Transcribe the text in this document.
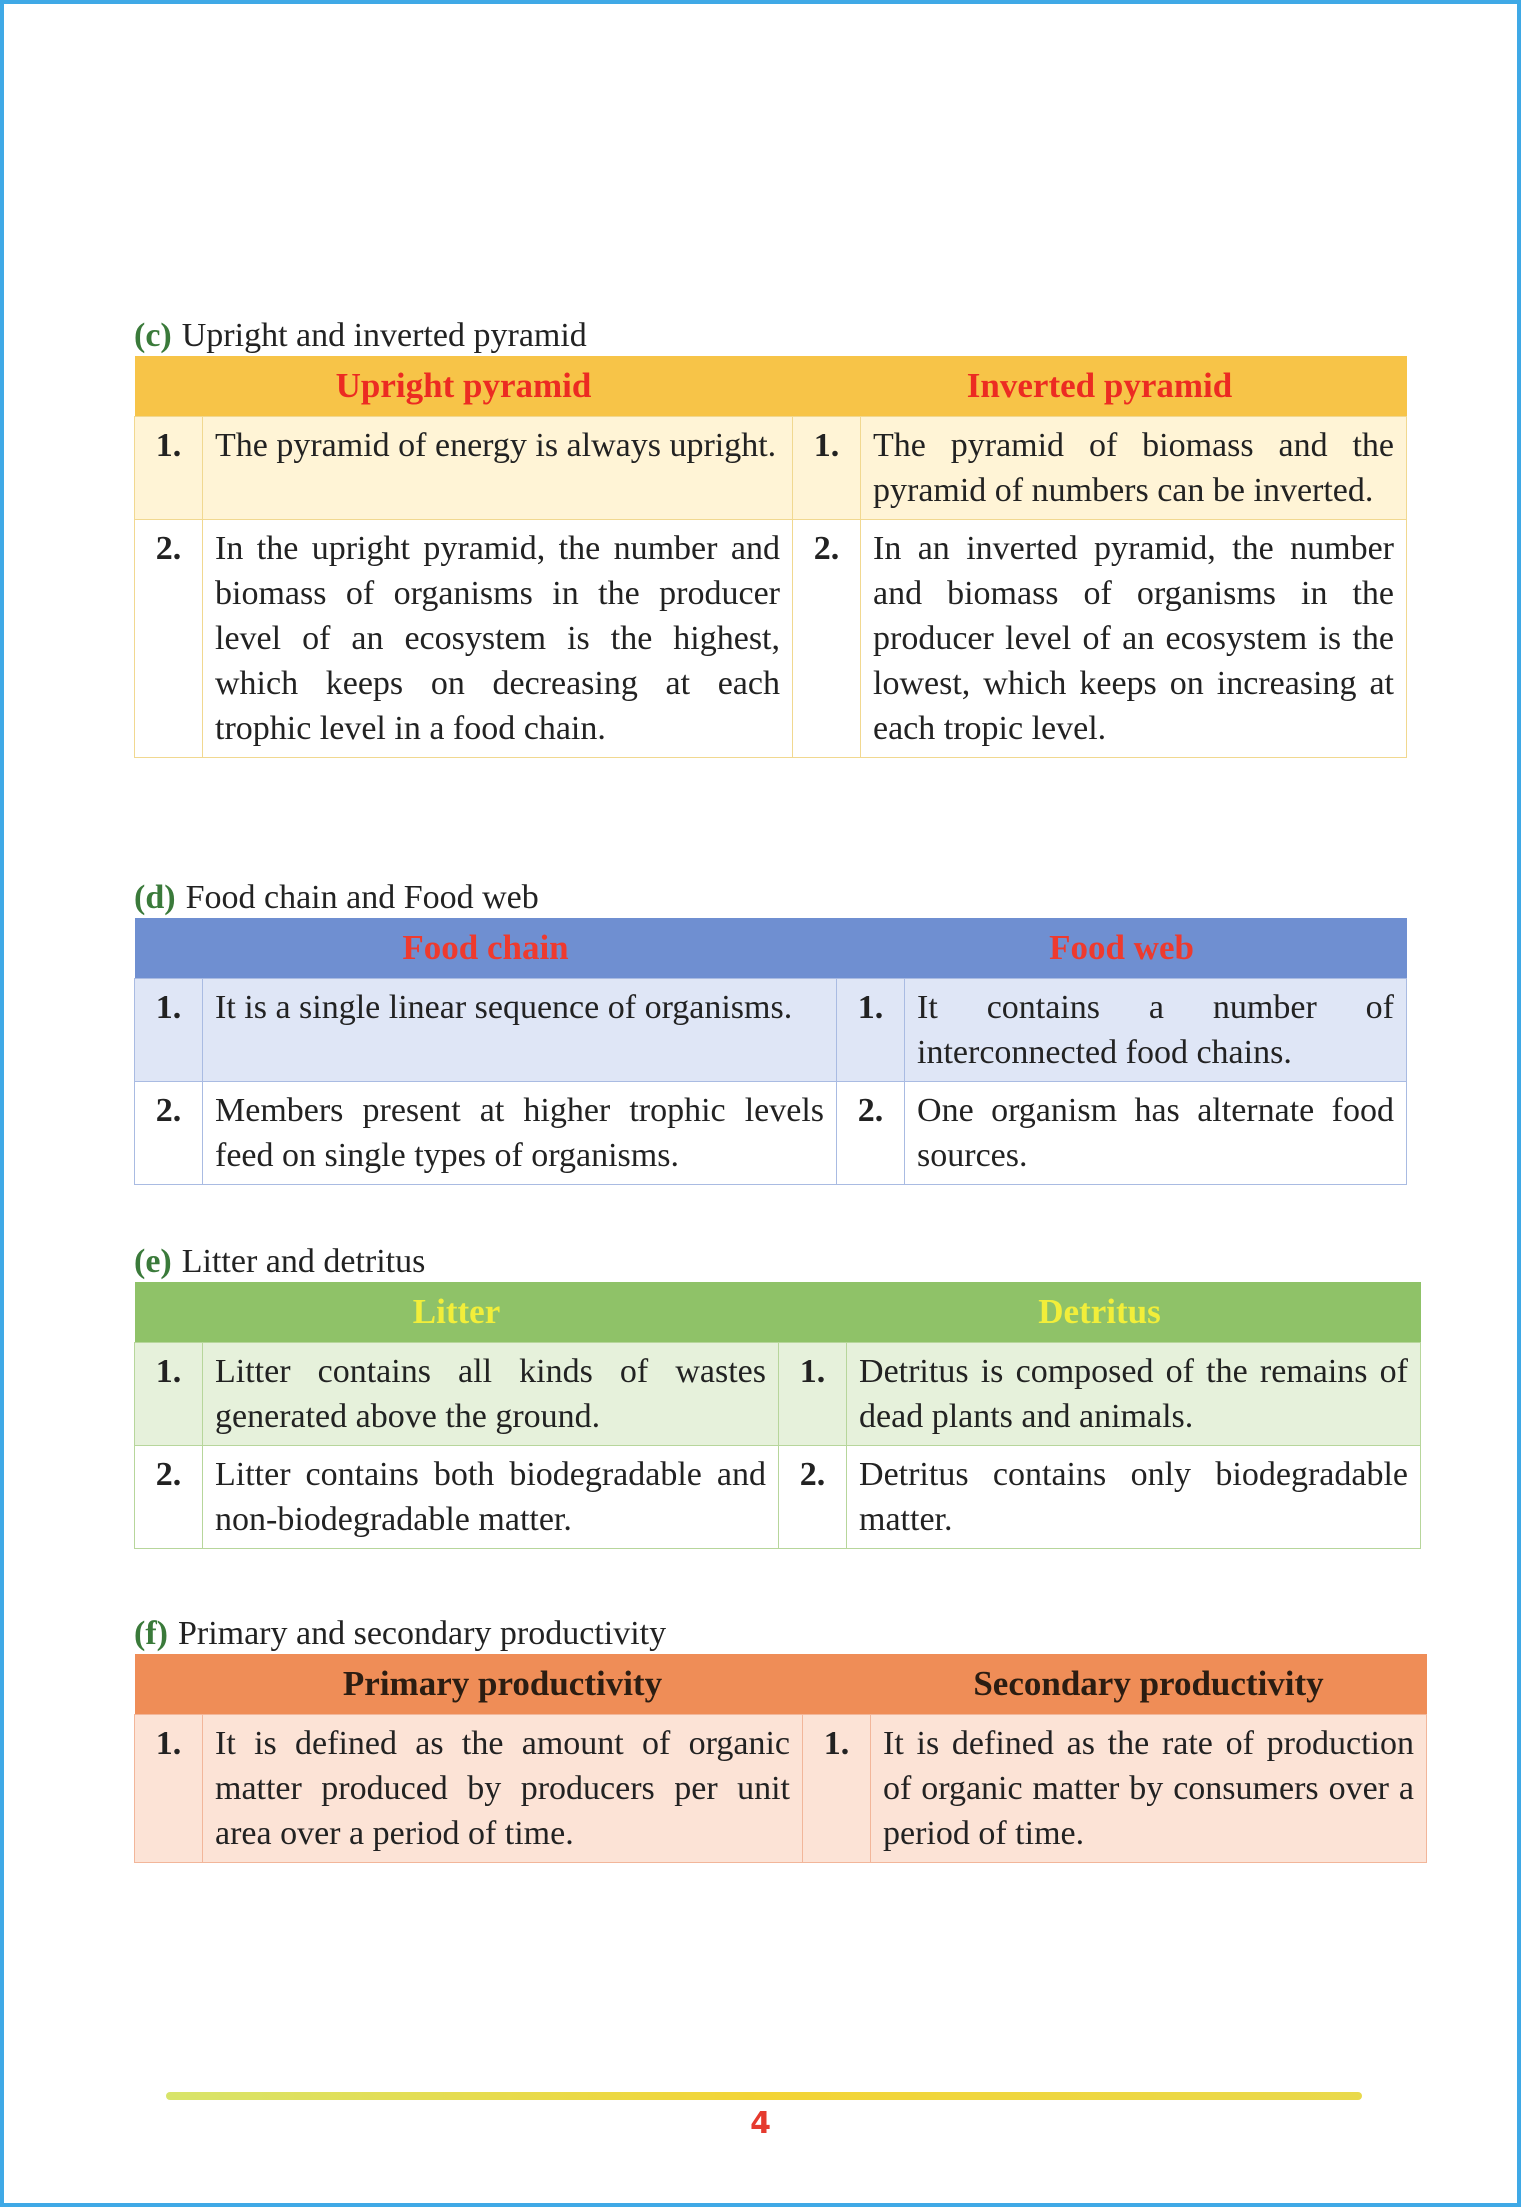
(c) Upright and inverted pyramid
Upright pyramid		Inverted pyramid	
1.	The pyramid of energy is always upright.	1.	The pyramid of biomass and the pyramid of numbers can be inverted.
2.	In the upright pyramid, the number and biomass of organisms in the producer level of an ecosystem is the highest, which keeps on decreasing at each trophic level in a food chain.	2.	In an inverted pyramid, the number and biomass of organisms in the producer level of an ecosystem is the lowest, which keeps on increasing at each tropic level.
(d) Food chain and Food web
Food chain		Food web	
1.	It is a single linear sequence of organisms.	1.	It contains a number of interconnected food chains.
2.	Members present at higher trophic levels feed on single types of organisms.	2.	One organism has alternate food sources.
(e) Litter and detritus
Litter		Detritus	
1.	Litter contains all kinds of wastes generated above the ground.	1.	Detritus is composed of the remains of dead plants and animals.
2.	Litter contains both biodegradable and non-biodegradable matter.	2.	Detritus contains only biodegradable matter.
(f) Primary and secondary productivity
	Primary productivity		Secondary productivity
1.	It is defined as the amount of organic matter produced by producers per unit area over a period of time.	1.	It is defined as the rate of production of organic matter by consumers over a period of time.
4
